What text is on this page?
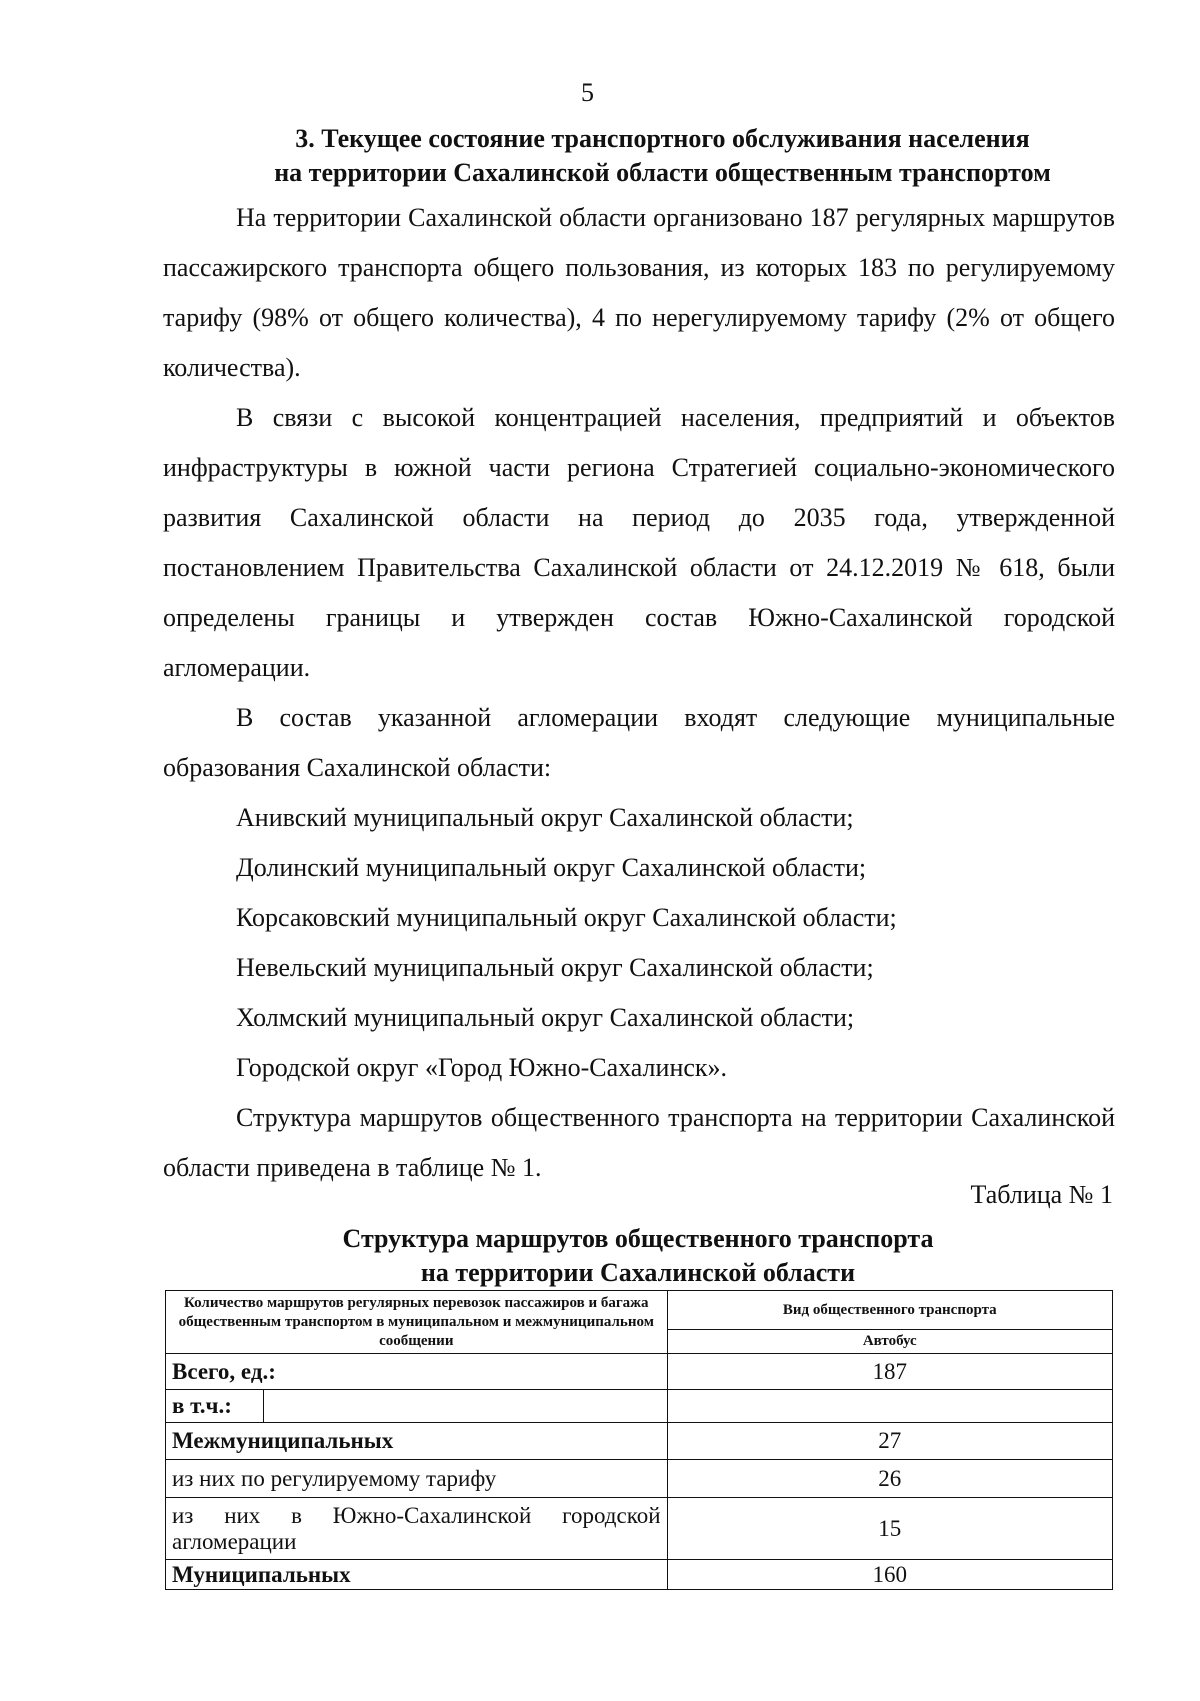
5
3. Текущее состояние транспортного обслуживания населения
на территории Сахалинской области общественным транспортом

На территории Сахалинской области организовано 187 регулярных маршрутов пассажирского транспорта общего пользования, из которых 183 по регулируемому тарифу (98% от общего количества), 4 по нерегулируемому тарифу (2% от общего количества).

В связи с высокой концентрацией населения, предприятий и объектов инфраструктуры в южной части региона Стратегией социально-экономического развития Сахалинской области на период до 2035 года, утвержденной постановлением Правительства Сахалинской области от 24.12.2019 № 618, были определены границы и утвержден состав Южно-Сахалинской городской агломерации.

В состав указанной агломерации входят следующие муниципальные образования Сахалинской области:

Анивский муниципальный округ Сахалинской области;

Долинский муниципальный округ Сахалинской области;

Корсаковский муниципальный округ Сахалинской области;

Невельский муниципальный округ Сахалинской области;

Холмский муниципальный округ Сахалинской области;

Городской округ «Город Южно-Сахалинск».

Структура маршрутов общественного транспорта на территории Сахалинской области приведена в таблице № 1.

Таблица № 1
Структура маршрутов общественного транспорта
на территории Сахалинской области
Количество маршрутов регулярных перевозок пассажиров и багажа общественным транспортом в муниципальном и межмуниципальном сообщении		Вид общественного транспорта
		Автобус
Всего, ед.:		187
в т.ч.:		
Межмуниципальных		27
из них по регулируемому тарифу		26
из них в Южно-Сахалинской городской агломерации		15
Муниципальных		160
